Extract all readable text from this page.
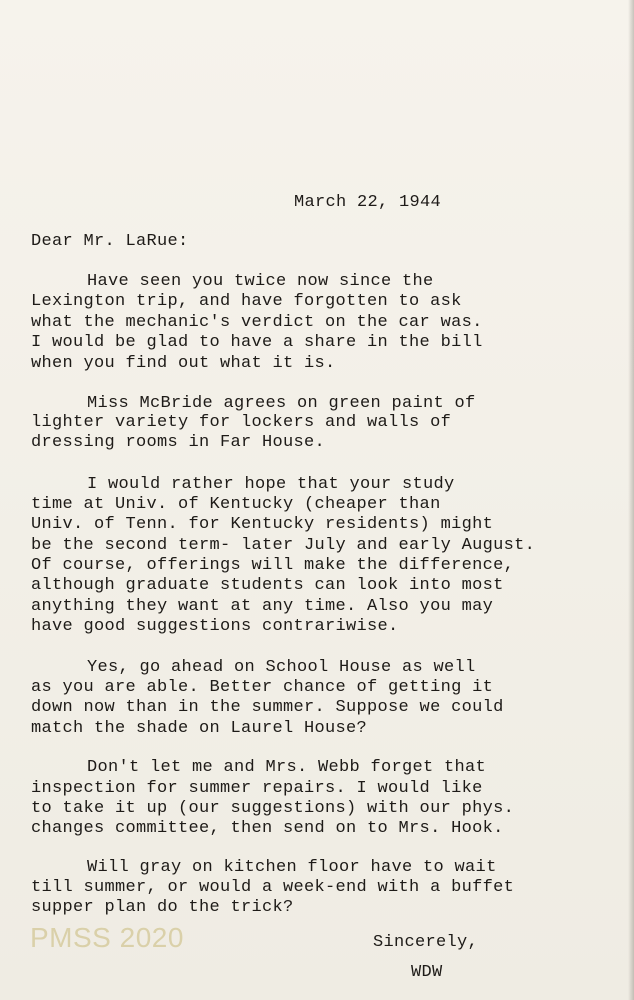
March 22, 1944
Dear Mr. LaRue:
Have seen you twice now since the
Lexington trip, and have forgotten to ask
what the mechanic's verdict on the car was.
I would be glad to have a share in the bill
when you find out what it is.
Miss McBride agrees on green paint of
lighter variety for lockers and walls of
dressing rooms in Far House.
I would rather hope that your study
time at Univ. of Kentucky (cheaper than
Univ. of Tenn. for Kentucky residents) might
be the second term- later July and early August.
Of course, offerings will make the difference,
although graduate students can look into most
anything they want at any time. Also you may
have good suggestions contrariwise.
Yes, go ahead on School House as well
as you are able. Better chance of getting it
down now than in the summer. Suppose we could
match the shade on Laurel House?
Don't let me and Mrs. Webb forget that
inspection for summer repairs. I would like
to take it up (our suggestions) with our phys.
changes committee, then send on to Mrs. Hook.
Will gray on kitchen floor have to wait
till summer, or would a week-end with a buffet
supper plan do the trick?
PMSS 2020	Sincerely,
WDW
